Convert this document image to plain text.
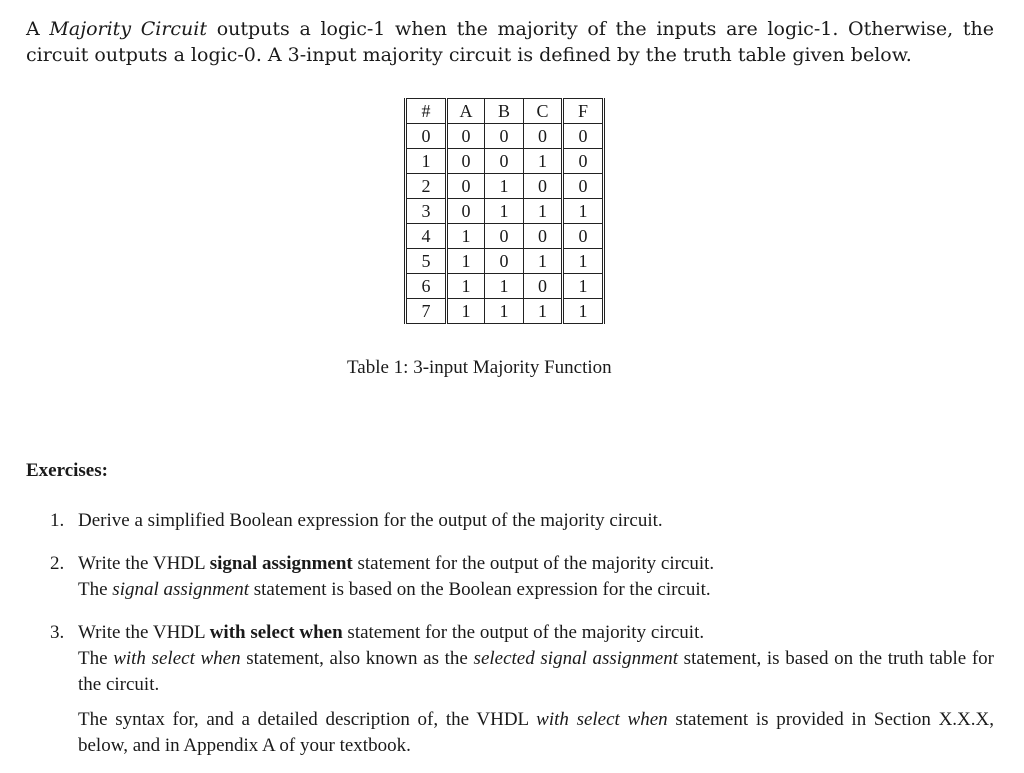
A Majority Circuit outputs a logic-1 when the majority of the inputs are logic-1. Otherwise, the circuit outputs a logic-0. A 3-input majority circuit is defined by the truth table given below.

#	A	B	C	F
0	0	0	0	0
1	0	0	1	0
2	0	1	0	0
3	0	1	1	1
4	1	0	0	0
5	1	0	1	1
6	1	1	0	1
7	1	1	1	1
Table 1: 3-input Majority Function
Exercises:
1. Derive a simplified Boolean expression for the output of the majority circuit.

2. Write the VHDL signal assignment statement for the output of the majority circuit.

The signal assignment statement is based on the Boolean expression for the circuit.

3. Write the VHDL with select when statement for the output of the majority circuit.

The with select when statement, also known as the selected signal assignment statement, is based on the truth table for the circuit.

The syntax for, and a detailed description of, the VHDL with select when statement is provided in Section X.X.X, below, and in Appendix A of your textbook.
